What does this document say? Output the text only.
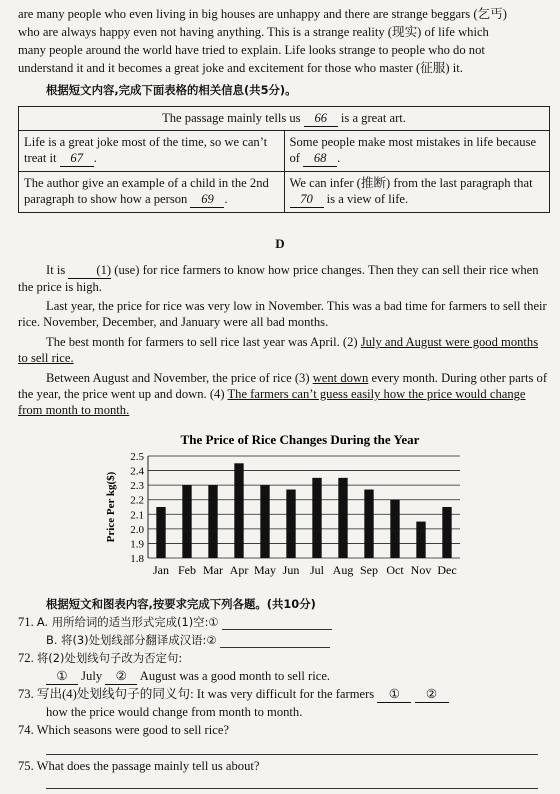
are many people who even living in big houses are unhappy and there are strange beggars (乞丐)

who are always happy even not having anything. This is a strange reality (现实) of life which

many people around the world have tried to explain. Life looks strange to people who do not

understand it and it becomes a great joke and excitement for those who master (征服) it.

根据短文内容,完成下面表格的相关信息(共5分)。

The passage mainly tells us 66 is a great art.	
Life is a great joke most of the time, so we can’t treat it 67 .	Some people make most mistakes in life because of 68 .
The author give an example of a child in the 2nd paragraph to show how a person 69 .	We can infer (推断) from the last paragraph that 70 is a view of life.
D

It is (1) (use) for rice farmers to know how price changes. Then they can sell their rice when the price is high.

Last year, the price for rice was very low in November. This was a bad time for farmers to sell their rice. November, December, and January were all bad months.

The best month for farmers to sell rice last year was April. (2) July and August were good months to sell rice.

Between August and November, the price of rice (3) went down every month. During other parts of the year, the price went up and down. (4) The farmers can’t guess easily how the price would change from month to month.

The Price of Rice Changes During the Year
Price Per kg($)
1.8
1.9
2.0
2.1
2.2
2.3
2.4
2.5
Jan Feb Mar Apr May Jun Jul Aug Sep Oct Nov Dec

根据短文和图表内容,按要求完成下列各题。(共10分)

71. A. 用所给词的适当形式完成(1)空:①

B. 将(3)处划线部分翻译成汉语:②

72. 将(2)处划线句子改为否定句:

① July ② August was a good month to sell rice.

73. 写出(4)处划线句子的同义句: It was very difficult for the farmers ① ②

how the price would change from month to month.

74. Which seasons were good to sell rice?

75. What does the passage mainly tell us about?
